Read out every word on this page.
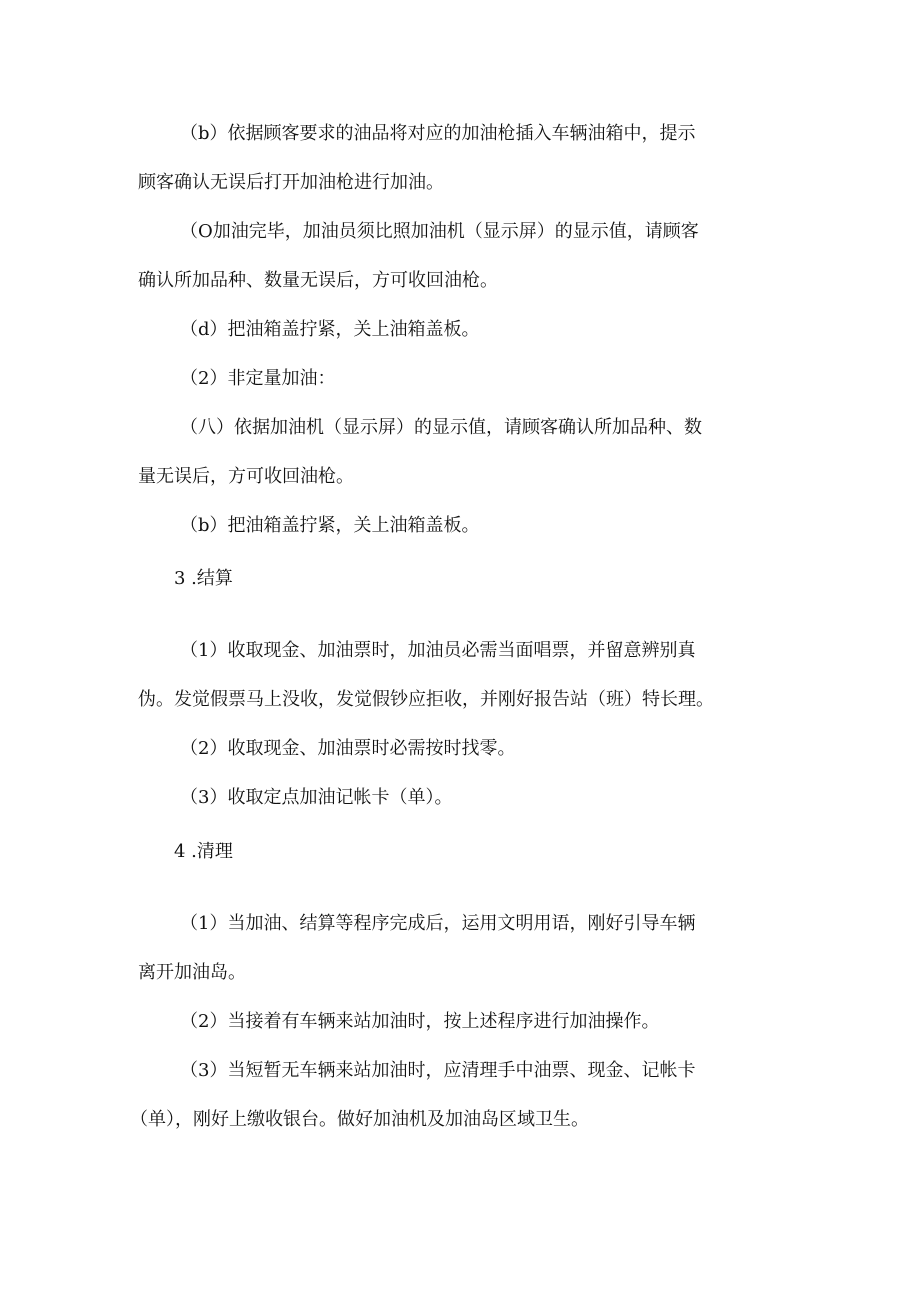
（b）依据顾客要求的油品将对应的加油枪插入车辆油箱中，提示
顾客确认无误后打开加油枪进行加油。
（O加油完毕，加油员须比照加油机（显示屏）的显示值，请顾客
确认所加品种、数量无误后，方可收回油枪。
（d）把油箱盖拧紧，关上油箱盖板。
（2）非定量加油：
（八）依据加油机（显示屏）的显示值，请顾客确认所加品种、数
量无误后，方可收回油枪。
（b）把油箱盖拧紧，关上油箱盖板。
3 .结算
（1）收取现金、加油票时，加油员必需当面唱票，并留意辨别真
伪。发觉假票马上没收，发觉假钞应拒收，并刚好报告站（班）特长理。
（2）收取现金、加油票时必需按时找零。
（3）收取定点加油记帐卡（单）。
4 .清理
（1）当加油、结算等程序完成后，运用文明用语，刚好引导车辆
离开加油岛。
（2）当接着有车辆来站加油时，按上述程序进行加油操作。
（3）当短暂无车辆来站加油时，应清理手中油票、现金、记帐卡
（单），刚好上缴收银台。做好加油机及加油岛区域卫生。
